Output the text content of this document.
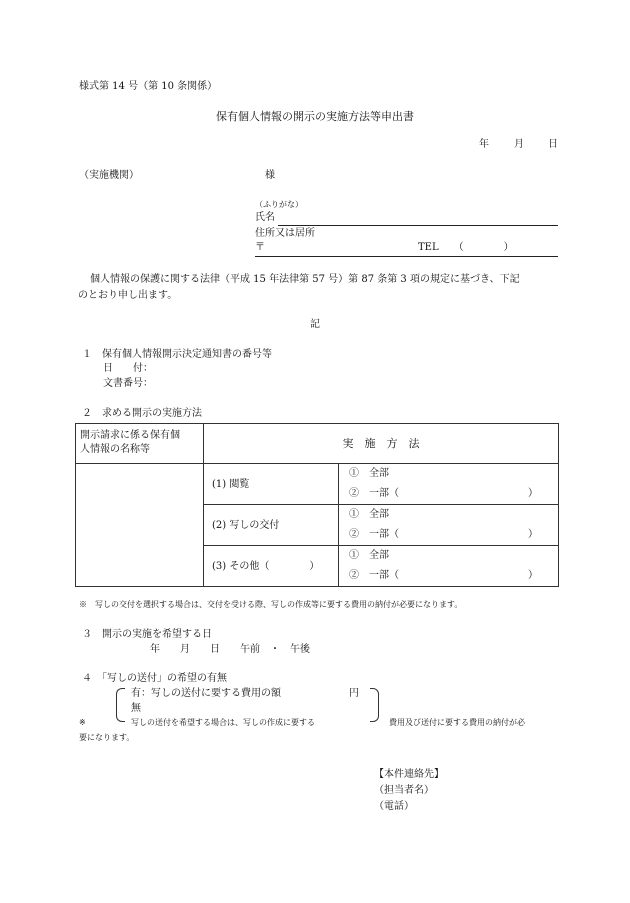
様式第 14 号（第 10 条関係）
保有個人情報の開示の実施方法等申出書
年	月 日
（実施機関）	様
（ふりがな）
氏名
住所又は居所
〒	TEL　　（　　　　）
個人情報の保護に関する法律（平成 15 年法律第 57 号）第 87 条第 3 項の規定に基づき、下記
のとおり申し出ます。
記
１　保有個人情報開示決定通知書の番号等
日　　付：
文書番号：
２　求める開示の実施方法
開示請求に係る保有個
人情報の名称等	実　施　方　法	
	(1) 閲覧	①　全部
②　一部（ ）

	(2) 写しの交付	①　全部
②　一部（ ）

	(3) その他（　　　　）	①　全部
②　一部（ ）
※　写しの交付を選択する場合は、交付を受ける際、写しの作成等に要する費用の納付が必要になります。
３　開示の実施を希望する日
年　　月　　日　　午前　・　午後
４　「写しの送付」の希望の有無
有：写しの送付に要する費用の額	円
無
※	写しの送付を希望する場合は、写しの作成に要する	費用及び送付に要する費用の納付が必
要になります。
【本件連絡先】
（担当者名）
（電話）
